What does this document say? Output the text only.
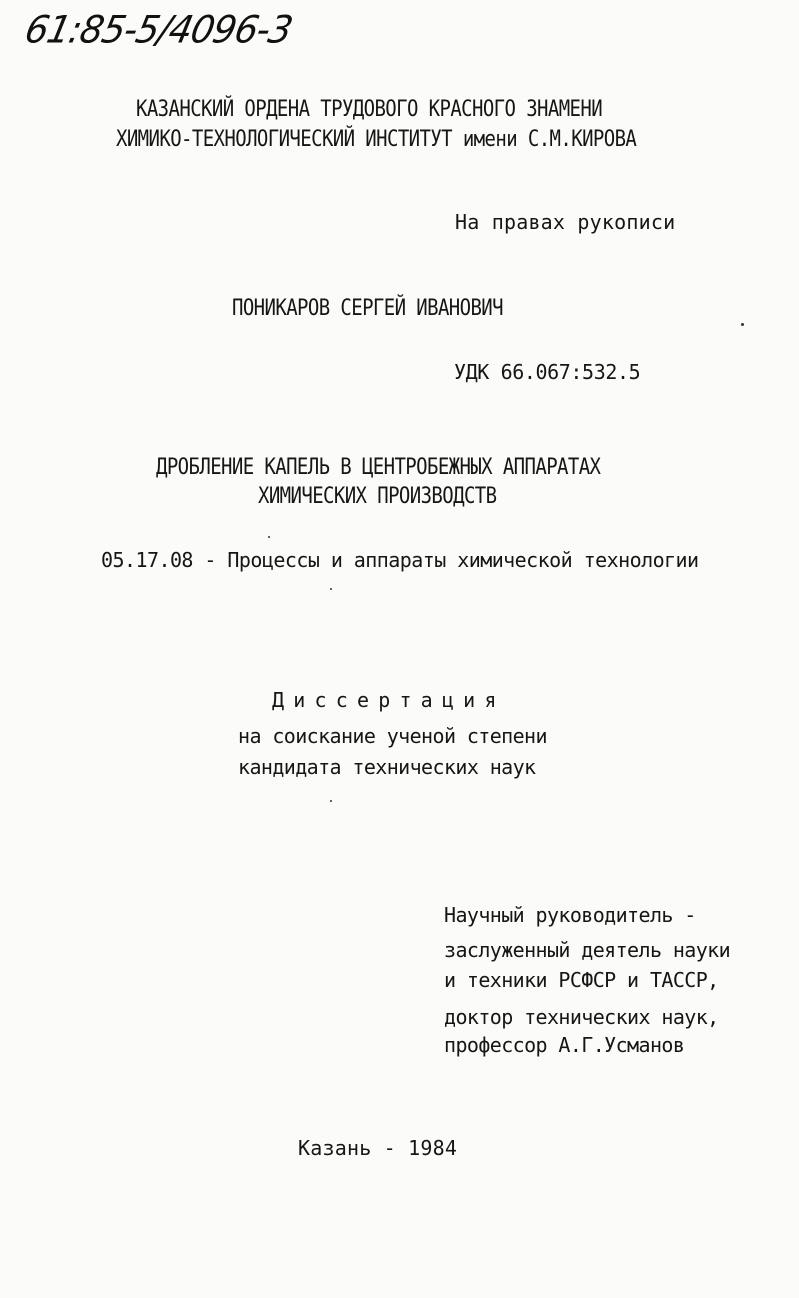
61:85-5/4096-3
КАЗАНСКИЙ ОРДЕНА ТРУДОВОГО КРАСНОГО ЗНАМЕНИ
ХИМИКО-ТЕХНОЛОГИЧЕСКИЙ ИНСТИТУТ имени С.М.КИРОВА
На правах рукописи
ПОНИКАРОВ СЕРГЕЙ ИВАНОВИЧ
УДК 66.067:532.5
ДРОБЛЕНИЕ КАПЕЛЬ В ЦЕНТРОБЕЖНЫХ АППАРАТАХ
ХИМИЧЕСКИХ ПРОИЗВОДСТВ
05.17.08 - Процессы и аппараты химической технологии
Диссертация
на соискание ученой степени
кандидата технических наук
Научный руководитель -
заслуженный деятель науки
и техники РСФСР и ТАССР,
доктор технических наук,
профессор А.Г.Усманов
Казань - 1984
